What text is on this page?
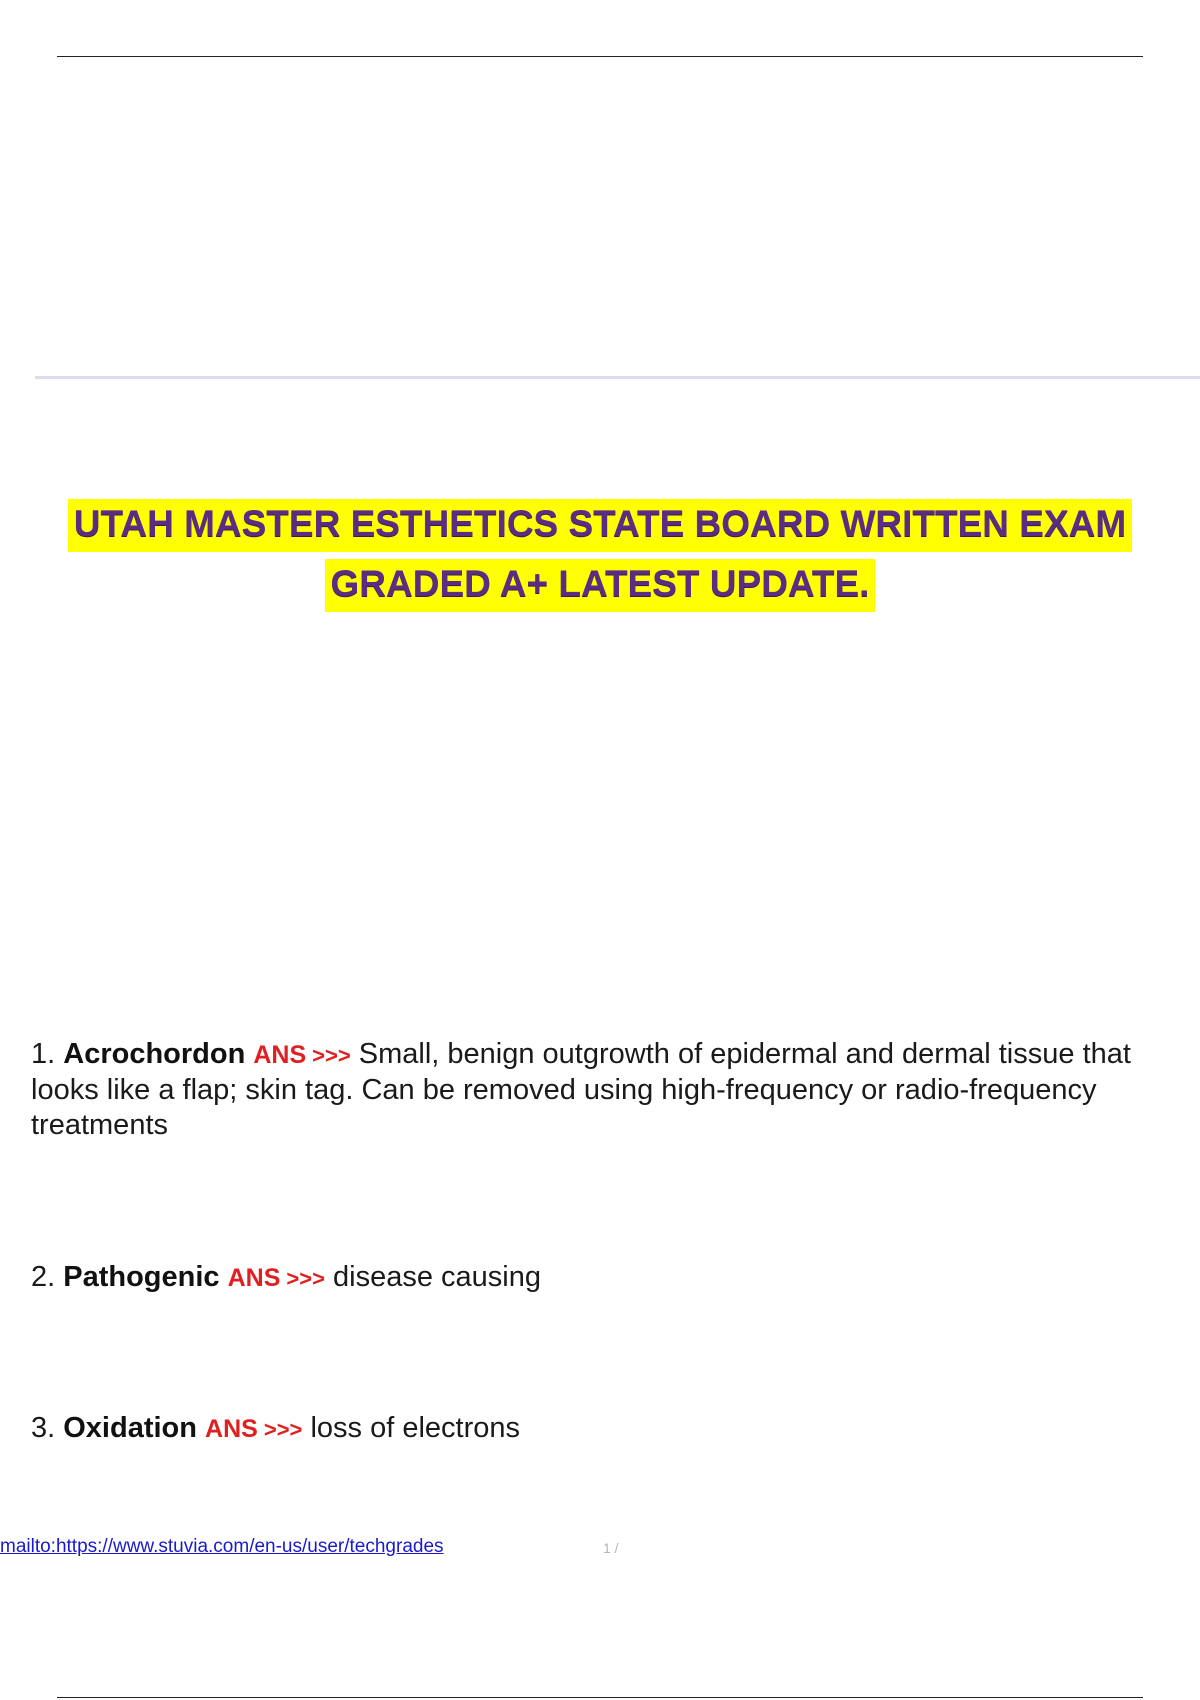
UTAH MASTER ESTHETICS STATE BOARD WRITTEN EXAM
GRADED A+ LATEST UPDATE.
1. Acrochordon ANS >>> Small, benign outgrowth of epidermal and dermal tissue that looks like a flap; skin tag. Can be removed using high-frequency or radio-frequency treatments
2. Pathogenic ANS >>> disease causing
3. Oxidation ANS >>> loss of electrons
mailto:https://www.stuvia.com/en-us/user/techgrades	1 /
